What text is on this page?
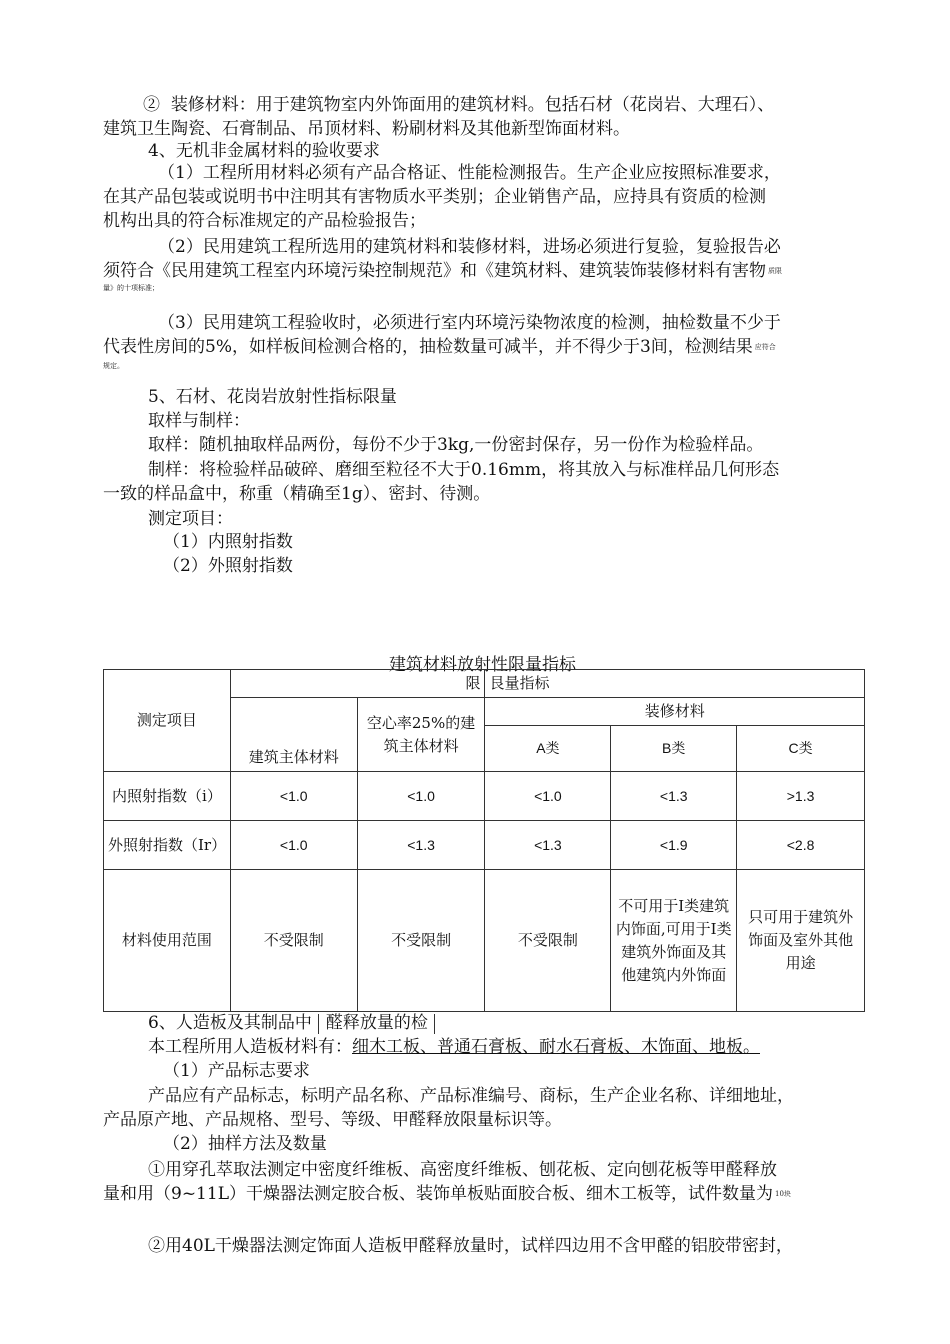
② 装修材料：用于建筑物室内外饰面用的建筑材料。包括石材（花岗岩、大理石）、
建筑卫生陶瓷、石膏制品、吊顶材料、粉刷材料及其他新型饰面材料。
4、无机非金属材料的验收要求
（1）工程所用材料必须有产品合格证、性能检测报告。生产企业应按照标准要求，
在其产品包装或说明书中注明其有害物质水平类别；企业销售产品，应持具有资质的检测
机构出具的符合标准规定的产品检验报告；
（2）民用建筑工程所选用的建筑材料和装修材料，进场必须进行复验，复验报告必
须符合《民用建筑工程室内环境污染控制规范》和《建筑材料、建筑装饰装修材料有害物 $^{质限}$
量》的十项标准；
（3）民用建筑工程验收时，必须进行室内环境污染物浓度的检测，抽检数量不少于
代表性房间的5%，如样板间检测合格的，抽检数量可减半，并不得少于3间，检测结果 $^{应符合}$
规定。
5、石材、花岗岩放射性指标限量
取样与制样：
取样：随机抽取样品两份，每份不少于3kg,一份密封保存，另一份作为检验样品。
制样：将检验样品破碎、磨细至粒径不大于0.16mm，将其放入与标准样品几何形态
一致的样品盒中，称重（精确至1g）、密封、待测。
测定项目：
（1）内照射指数
（2）外照射指数
建筑材料放射性限量指标
测定项目	限		艮量指标		
	建筑主体材料	空心率25%的建筑主体材料	装修材料		
			A类	B类	C类
内照射指数（i）	<1.0	<1.0	<1.0	<1.3	>1.3
外照射指数（Ir）	<1.0	<1.3	<1.3	<1.9	<2.8
材料使用范围	不受限制	不受限制	不受限制	不可用于Ⅰ类建筑内饰面,可用于Ⅰ类建筑外饰面及其他建筑内外饰面	只可用于建筑外饰面及室外其他用途
6、人造板及其制品中 醛释放量的检
本工程所用人造板材料有：细木工板、普通石膏板、耐水石膏板、木饰面、地板。
（1）产品标志要求
产品应有产品标志，标明产品名称、产品标准编号、商标，生产企业名称、详细地址，
产品原产地、产品规格、型号、等级、甲醛释放限量标识等。
（2）抽样方法及数量
①用穿孔萃取法测定中密度纤维板、高密度纤维板、刨花板、定向刨花板等甲醛释放
量和用（9~11L）干燥器法测定胶合板、装饰单板贴面胶合板、细木工板等，试件数量为 $^{10块}$
②用40L干燥器法测定饰面人造板甲醛释放量时，试样四边用不含甲醛的铝胶带密封，
